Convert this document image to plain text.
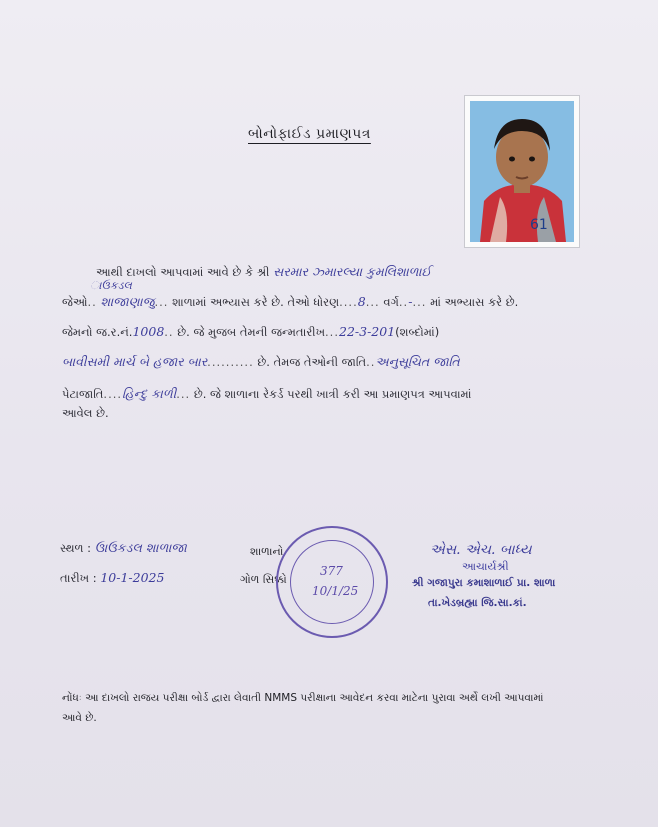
61
બોનોફાઈડ પ્રમાણપત્ર
આથી દાખલો આપવામાં આવે છે કે શ્રી સરમાર ઝ્મારલ્યા કુમલિશાળાઈ
ાઉકડલ
જેઓ.. શાજાણાજુ... શાળામાં અભ્યાસ કરે છે. તેઓ ધોરણ....8... વર્ગ..-... માં અભ્યાસ કરે છે.
જેમનો જ.ર.નં.1008.. છે. જે મુજબ તેમની જન્મતારીખ...22-3-201(શબ્દોમાં)
બાવીસમી માર્ચ બે હજાર બાર.......... છે. તેમજ તેઓની જાતિ..અનુસૂચિત જાતિ
પેટાજાતિ....હિન્દુ કાળી... છે. જે શાળાના રેકર્ડ પરથી ખાત્રી કરી આ પ્રમાણપત્ર આપવામાં
આવેલ છે.
સ્થળ : ઉાઉકડલ શાળાજા
તારીખ : 10-1-2025
શાળાનો
ગોળ સિક્કો
377
10/1/25
એસ. એચ. બાધ્ય
આચાર્યશ્રી
શ્રી ગજાપુરા કમાશાળાઈ પ્રા. શાળા
તા.ખેડબ્રહ્મા જિ.સા.કાં.
નોંધઃ આ દાખલો રાજય પરીક્ષા બોર્ડ દ્વારા લેવાતી NMMS પરીક્ષાના આવેદન કરવા માટેના પુરાવા અર્થે લખી આપવામાં આવે છે.
